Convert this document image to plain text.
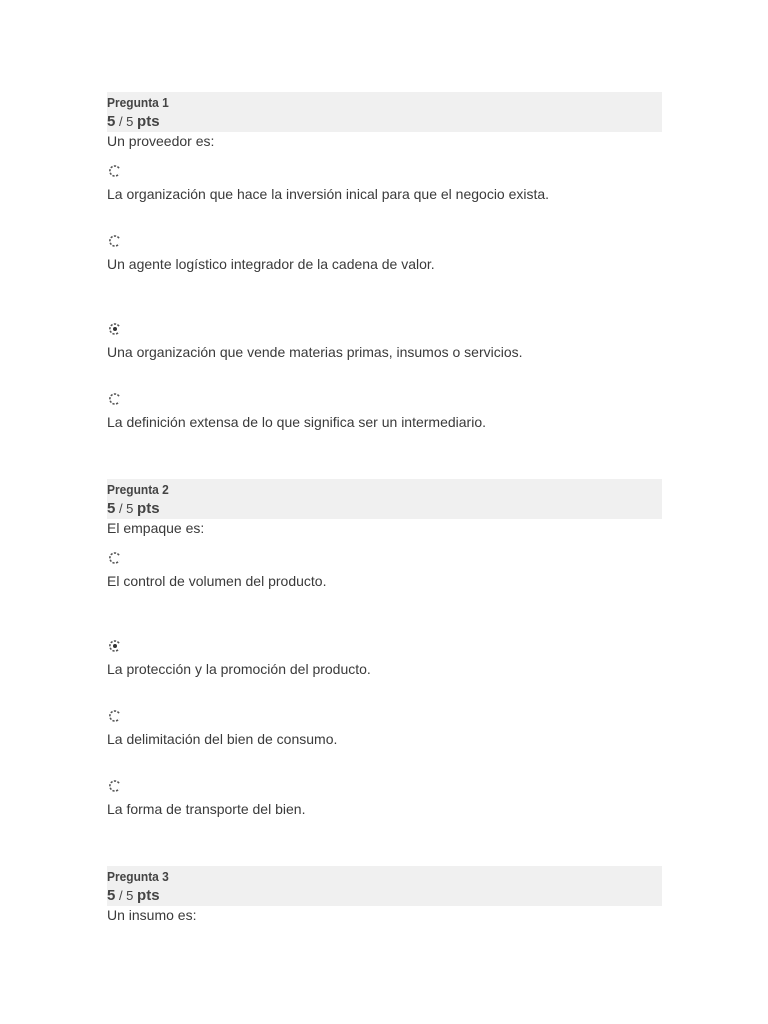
Pregunta 1
5 / 5 pts
Un proveedor es:
La organización que hace la inversión inical para que el negocio exista.
Un agente logístico integrador de la cadena de valor.
Una organización que vende materias primas, insumos o servicios.
La definición extensa de lo que significa ser un intermediario.
Pregunta 2
5 / 5 pts
El empaque es:
El control de volumen del producto.
La protección y la promoción del producto.
La delimitación del bien de consumo.
La forma de transporte del bien.
Pregunta 3
5 / 5 pts
Un insumo es:
